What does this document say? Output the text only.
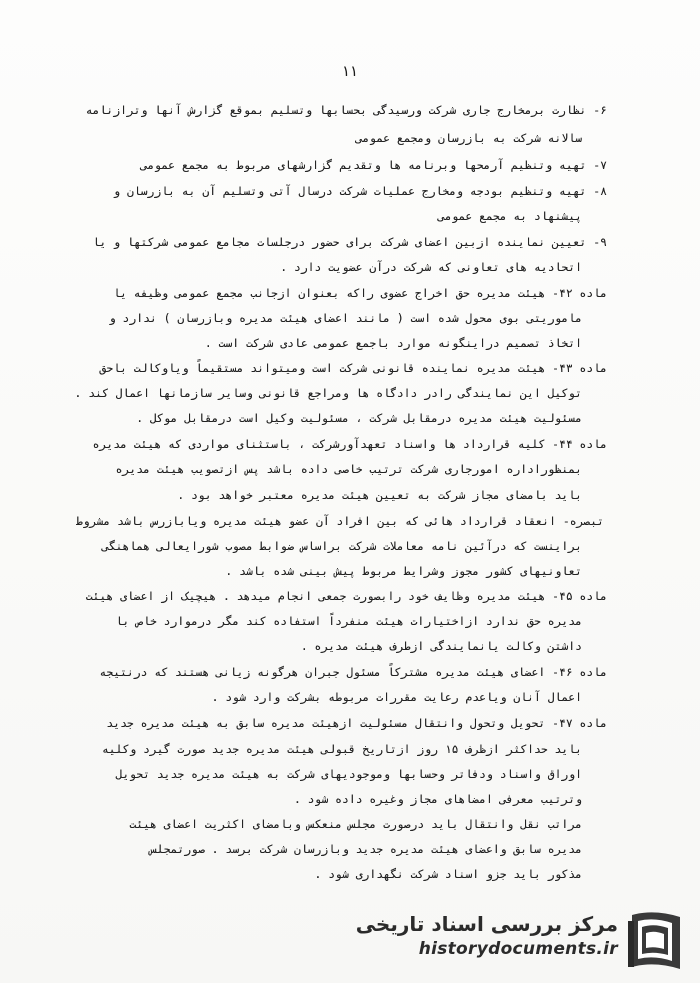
۱۱
۶- نظارت برمخارج جاری شرکت ورسیدگی بحسابها وتسلیم بموقع گزارش آنها وترازنامه
سالانه شرکت به بازرسان ومجمع عمومی
۷- تهیه وتنظیم آرمحها وبرنامه ها وتقدیم گزارشهای مربوط به مجمع عمومی
۸- تهیه وتنظیم بودجه ومخارج عملیات شرکت درسال آتی وتسلیم آن به بازرسان و
پیشنهاد به مجمع عمومی
۹- تعیین نماینده ازبین اعضای شرکت برای حضور درجلسات مجامع عمومی شرکتها و یا
اتحادیه های تعاونی که شرکت درآن عضویت دارد .
ماده ۴۲- هیئت مدیره حق اخراج عضوی راکه بعنوان ازجانب مجمع عمومی وظیفه یا
ماموریتی بوی محول شده است ( مانند اعضای هیئت مدیره وبازرسان ) ندارد و
اتخاذ تصمیم دراینگونه موارد باجمع عمومی عادی شرکت است .
ماده ۴۳- هیئت مدیره نماینده قانونی شرکت است ومیتواند مستقیماً ویاوکالت باحق
توکیل این نمایندگی رادر دادگاه ها ومراجع قانونی وسایر سازمانها اعمال کند .
مسئولیت هیئت مدیره درمقابل شرکت ، مسئولیت وکیل است درمقابل موکل .
ماده ۴۴- کلیه قرارداد ها واسناد تعهدآورشرکت ، باستثنای مواردی که هیئت مدیره
بمنظوراداره امورجاری شرکت ترتیب خاصی داده باشد پس ازتصویب هیئت مدیره
باید بامضای مجاز شرکت به تعیین هیئت مدیره معتبر خواهد بود .
تبصره- انعقاد قرارداد هائی که بین افراد آن عضو هیئت مدیره ویابازرس باشد مشروط
براینست که درآئین نامه معاملات شرکت براساس ضوابط مصوب شورایعالی هماهنگی
تعاونیهای کشور مجوز وشرایط مربوط پیش بینی شده باشد .
ماده ۴۵- هیئت مدیره وظایف خود رابصورت جمعی انجام میدهد . هیچیک از اعضای هیئت
مدیره حق ندارد ازاختیارات هیئت منفرداً استفاده کند مگر درموارد خاص با
داشتن وکالت یانمایندگی ازطرف هیئت مدیره .
ماده ۴۶- اعضای هیئت مدیره مشترکاً مسئول جبران هرگونه زیانی هستند که درنتیجه
اعمال آنان ویاعدم رعایت مقررات مربوطه بشرکت وارد شود .
ماده ۴۷- تحویل وتحول وانتقال مسئولیت ازهیئت مدیره سابق به هیئت مدیره جدید
باید حداکثر ازظرف ۱۵ روز ازتاریخ قبولی هیئت مدیره جدید صورت گیرد وکلیه
اوراق واسناد ودفاتر وحسابها وموجودیهای شرکت به هیئت مدیره جدید تحویل
وترتیب معرفی امضاهای مجاز وغیره داده شود .
مراتب نقل وانتقال باید درصورت مجلس منعکس وبامضای اکثریت اعضای هیئت
مدیره سابق واعضای هیئت مدیره جدید وبازرسان شرکت برسد . صورتمجلس
مذکور باید جزو اسناد شرکت نگهداری شود .
مرکز بررسی اسناد تاریخی
historydocuments.ir
